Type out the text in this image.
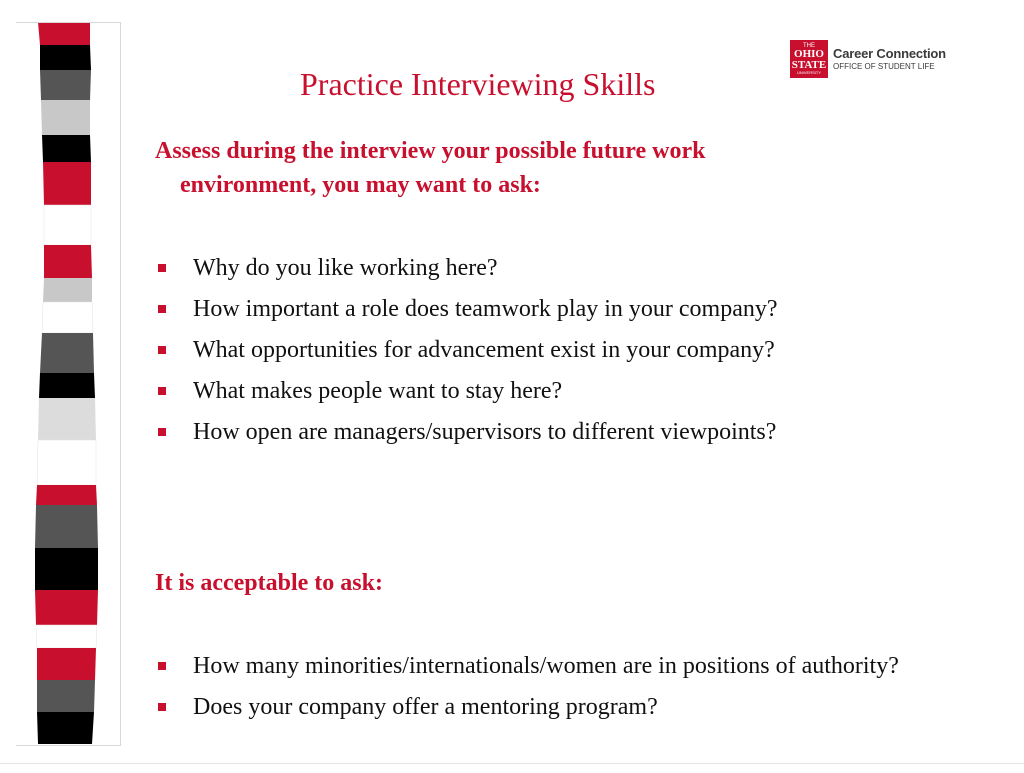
THE
OHIO
STATE
UNIVERSITY
Career Connection
OFFICE OF STUDENT LIFE
Practice Interviewing Skills
Assess during the interview your possible future work
environment, you may want to ask:
Why do you like working here?
How important a role does teamwork play in your company?
What opportunities for advancement exist in your company?
What makes people want to stay here?
How open are managers/supervisors to different viewpoints?
It is acceptable to ask:
How many minorities/internationals/women are in positions of authority?
Does your company offer a mentoring program?
